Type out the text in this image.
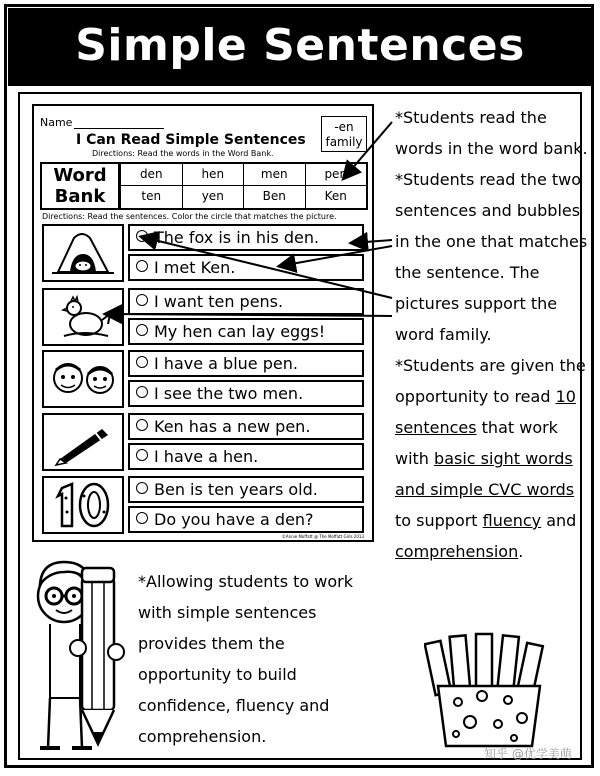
Simple Sentences
Name
I Can Read Simple Sentences
Directions: Read the words in the Word Bank.
-en
family
Word
Bank
den	hen	men	pen
ten	yen	Ben	Ken
Directions: Read the sentences. Color the circle that matches the picture.
The fox is in his den.
I met Ken.
I want ten pens.
My hen can lay eggs!
I have a blue pen.
I see the two men.
Ken has a new pen.
I have a hen.
Ben is ten years old.
Do you have a den?
©Annie Moffatt @ The Moffatt Girls 2013
*Students read the words in the word bank.
*Students read the two sentences and bubbles in the one that matches the sentence. The pictures support the word family.
*Students are given the opportunity to read 10 sentences that work with basic sight words and simple CVC words to support fluency and comprehension.
*Allowing students to work with simple sentences provides them the opportunity to build confidence, fluency and comprehension.
知乎 @优学美萌
